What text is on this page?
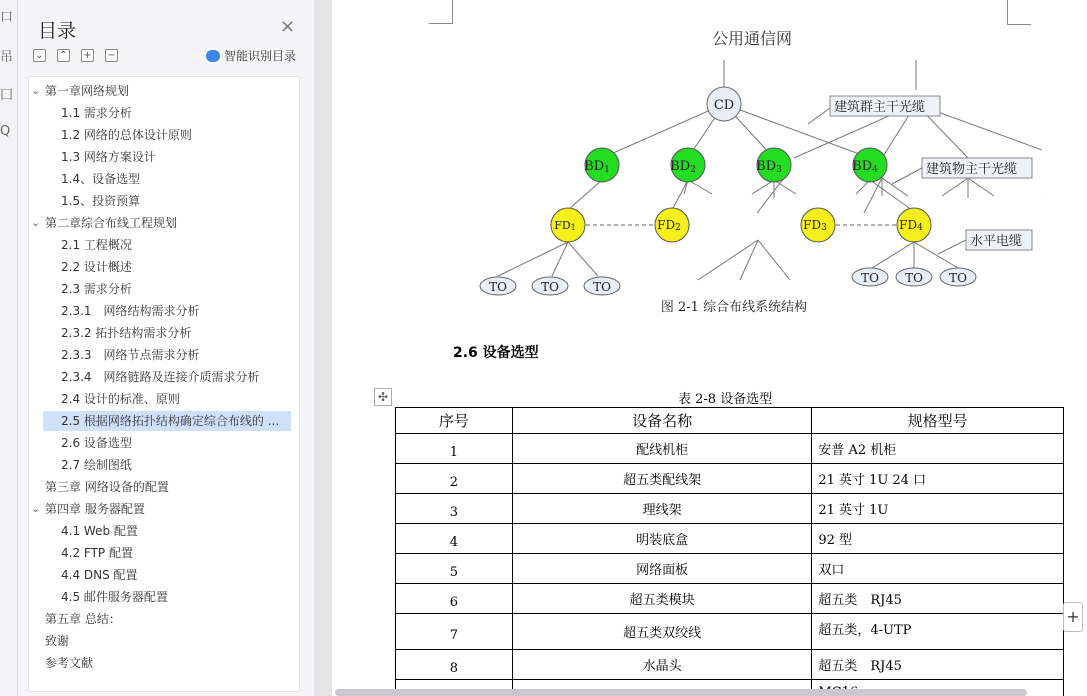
口
吊
囗
Q
目录	×
⌄ ⌃ + −	智能识别目录
第一章网络规划
⌄
1.1 需求分析
1.2 网络的总体设计原则
1.3 网络方案设计
1.4、设备选型
1.5、投资预算
第二章综合布线工程规划
⌄
2.1 工程概况
2.2 设计概述
2.3 需求分析
2.3.1　网络结构需求分析
2.3.2 拓扑结构需求分析
2.3.3　网络节点需求分析
2.3.4　网络链路及连接介质需求分析
2.4 设计的标准、原则
2.5 根据网络拓扑结构确定综合布线的 ...
2.6 设备选型
2.7 绘制图纸
第三章 网络设备的配置
第四章 服务器配置
⌄
4.1 Web 配置
4.2 FTP 配置
4.4 DNS 配置
4.5 邮件服务器配置
第五章 总结：
致谢
参考文献
公用通信网
CD
BD1	BD2	BD3	BD4
FD1	FD2	FD3	FD4
TO	TO	TO
TO TO TO
建筑群主干光缆
建筑物主干光缆
水平电缆
图 2-1 综合布线系统结构
2.6 设备选型
✣	表 2-8 设备选型
序号	设备名称	规格型号
1	配线机柜	安普 A2 机柜
2	超五类配线架	21 英寸 1U 24 口
3	理线架	21 英寸 1U
4	明装底盒	92 型
5	网络面板	双口
6	超五类模块	超五类　RJ45
7	超五类双绞线	超五类，4-UTP
8	水晶头	超五类　RJ45

+
